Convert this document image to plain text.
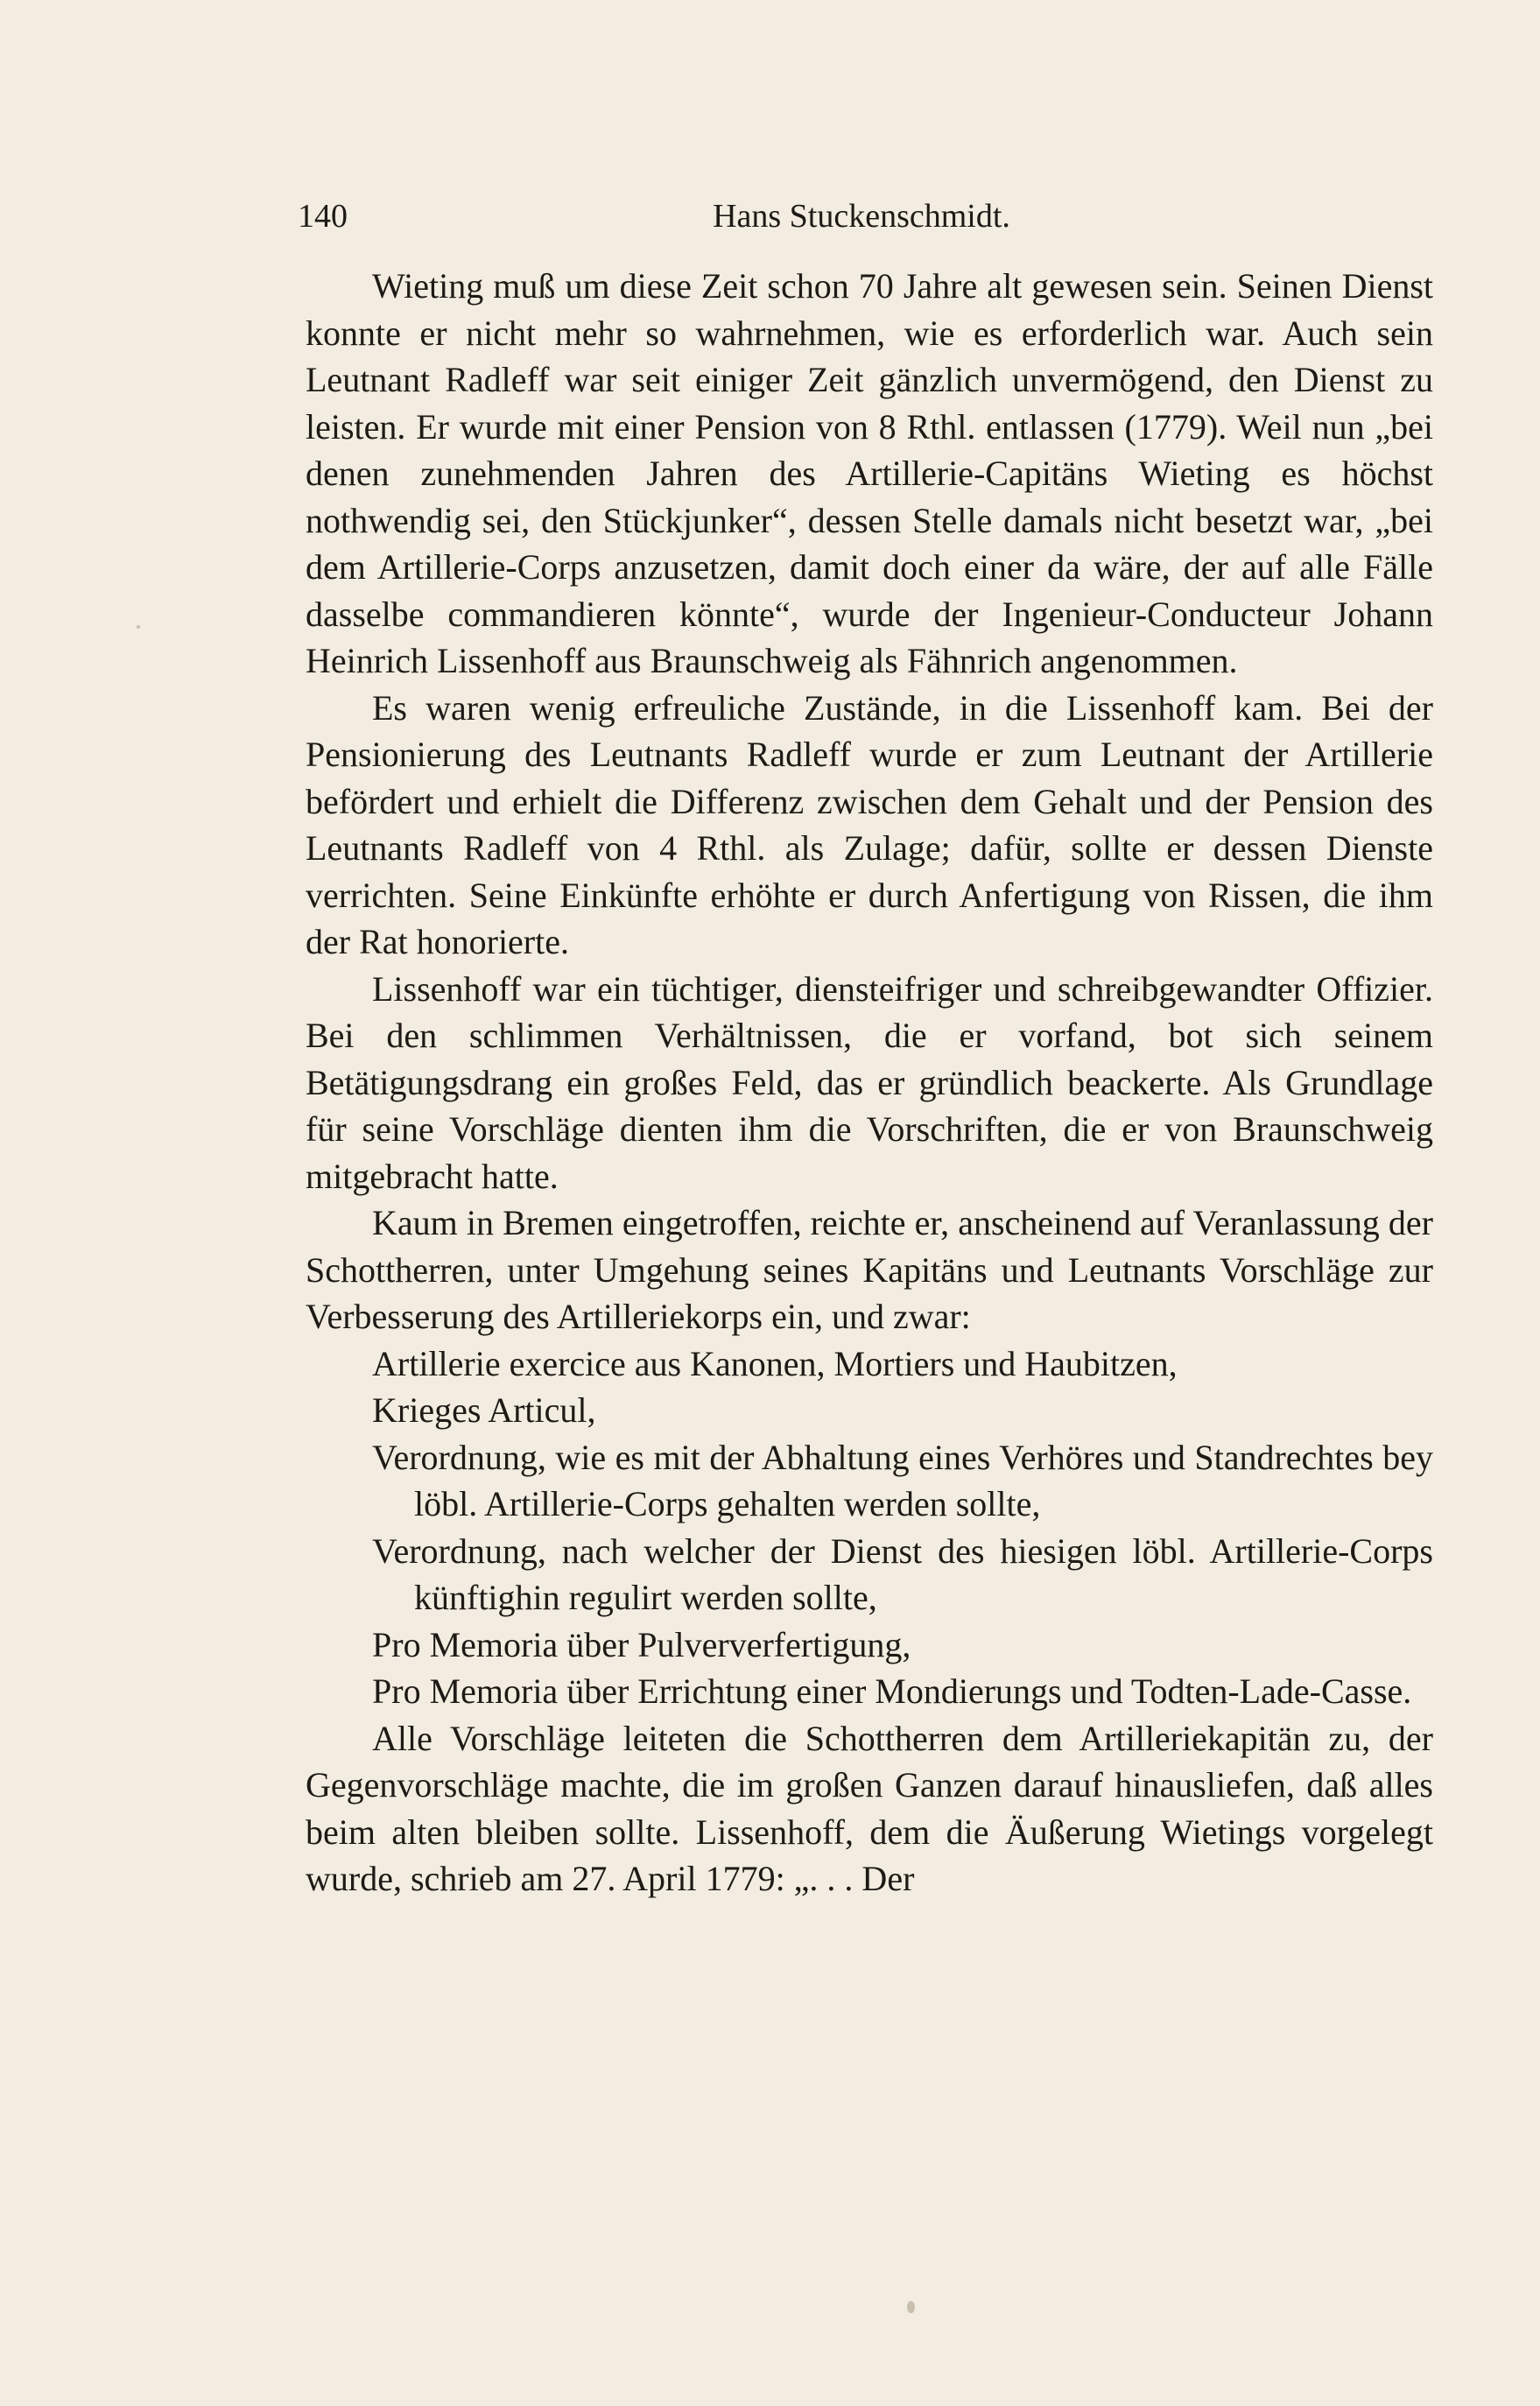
140	Hans Stuckenschmidt.

Wieting muß um diese Zeit schon 70 Jahre alt gewesen sein. Seinen Dienst konnte er nicht mehr so wahrnehmen, wie es erforderlich war. Auch sein Leutnant Radleff war seit einiger Zeit gänzlich unvermögend, den Dienst zu leisten. Er wurde mit einer Pension von 8 Rthl. entlassen (1779). Weil nun „bei denen zunehmenden Jahren des Artillerie-Capitäns Wieting es höchst nothwendig sei, den Stückjunker“, dessen Stelle damals nicht besetzt war, „bei dem Artillerie-Corps anzusetzen, damit doch einer da wäre, der auf alle Fälle dasselbe commandieren könnte“, wurde der Ingenieur-Conducteur Johann Heinrich Lissenhoff aus Braunschweig als Fähnrich angenommen.

Es waren wenig erfreuliche Zustände, in die Lissenhoff kam. Bei der Pensionierung des Leutnants Radleff wurde er zum Leutnant der Artillerie befördert und erhielt die Differenz zwischen dem Gehalt und der Pension des Leutnants Radleff von 4 Rthl. als Zulage; dafür, sollte er dessen Dienste verrichten. Seine Einkünfte erhöhte er durch Anfertigung von Rissen, die ihm der Rat honorierte.

Lissenhoff war ein tüchtiger, diensteifriger und schreibgewandter Offizier. Bei den schlimmen Verhältnissen, die er vorfand, bot sich seinem Betätigungsdrang ein großes Feld, das er gründlich beackerte. Als Grundlage für seine Vorschläge dienten ihm die Vorschriften, die er von Braunschweig mitgebracht hatte.

Kaum in Bremen eingetroffen, reichte er, anscheinend auf Veranlassung der Schottherren, unter Umgehung seines Kapitäns und Leutnants Vorschläge zur Verbesserung des Artilleriekorps ein, und zwar:

Artillerie exercice aus Kanonen, Mortiers und Haubitzen,
Krieges Articul,
Verordnung, wie es mit der Abhaltung eines Verhöres und Standrechtes bey löbl. Artillerie-Corps gehalten werden sollte,
Verordnung, nach welcher der Dienst des hiesigen löbl. Artillerie-Corps künftighin regulirt werden sollte,
Pro Memoria über Pulververfertigung,
Pro Memoria über Errichtung einer Mondierungs und Todten-Lade-Casse.

Alle Vorschläge leiteten die Schottherren dem Artilleriekapitän zu, der Gegenvorschläge machte, die im großen Ganzen darauf hinausliefen, daß alles beim alten bleiben sollte. Lissenhoff, dem die Äußerung Wietings vorgelegt wurde, schrieb am 27. April 1779: „. . . Der
